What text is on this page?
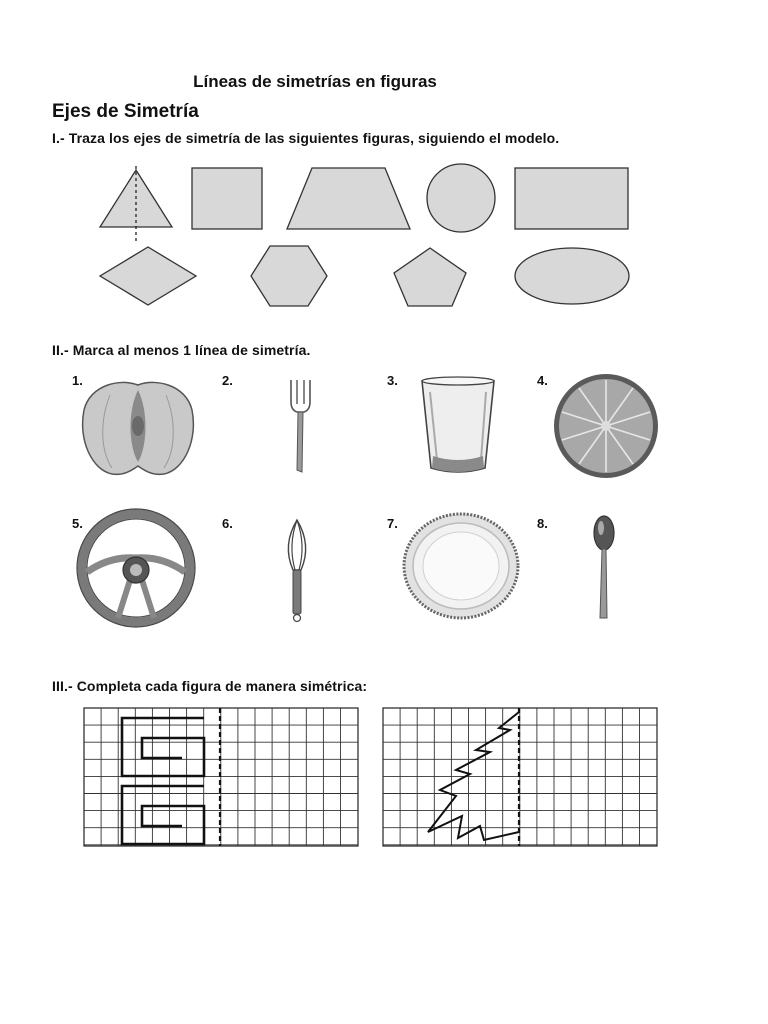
Líneas de simetrías en figuras
Ejes de Simetría
I.- Traza los ejes de simetría de las siguientes figuras, siguiendo el modelo.
II.- Marca al menos 1 línea de simetría.
1.	2.	3.	4.
5.	6.	7.	8.
III.- Completa cada figura de manera simétrica:
